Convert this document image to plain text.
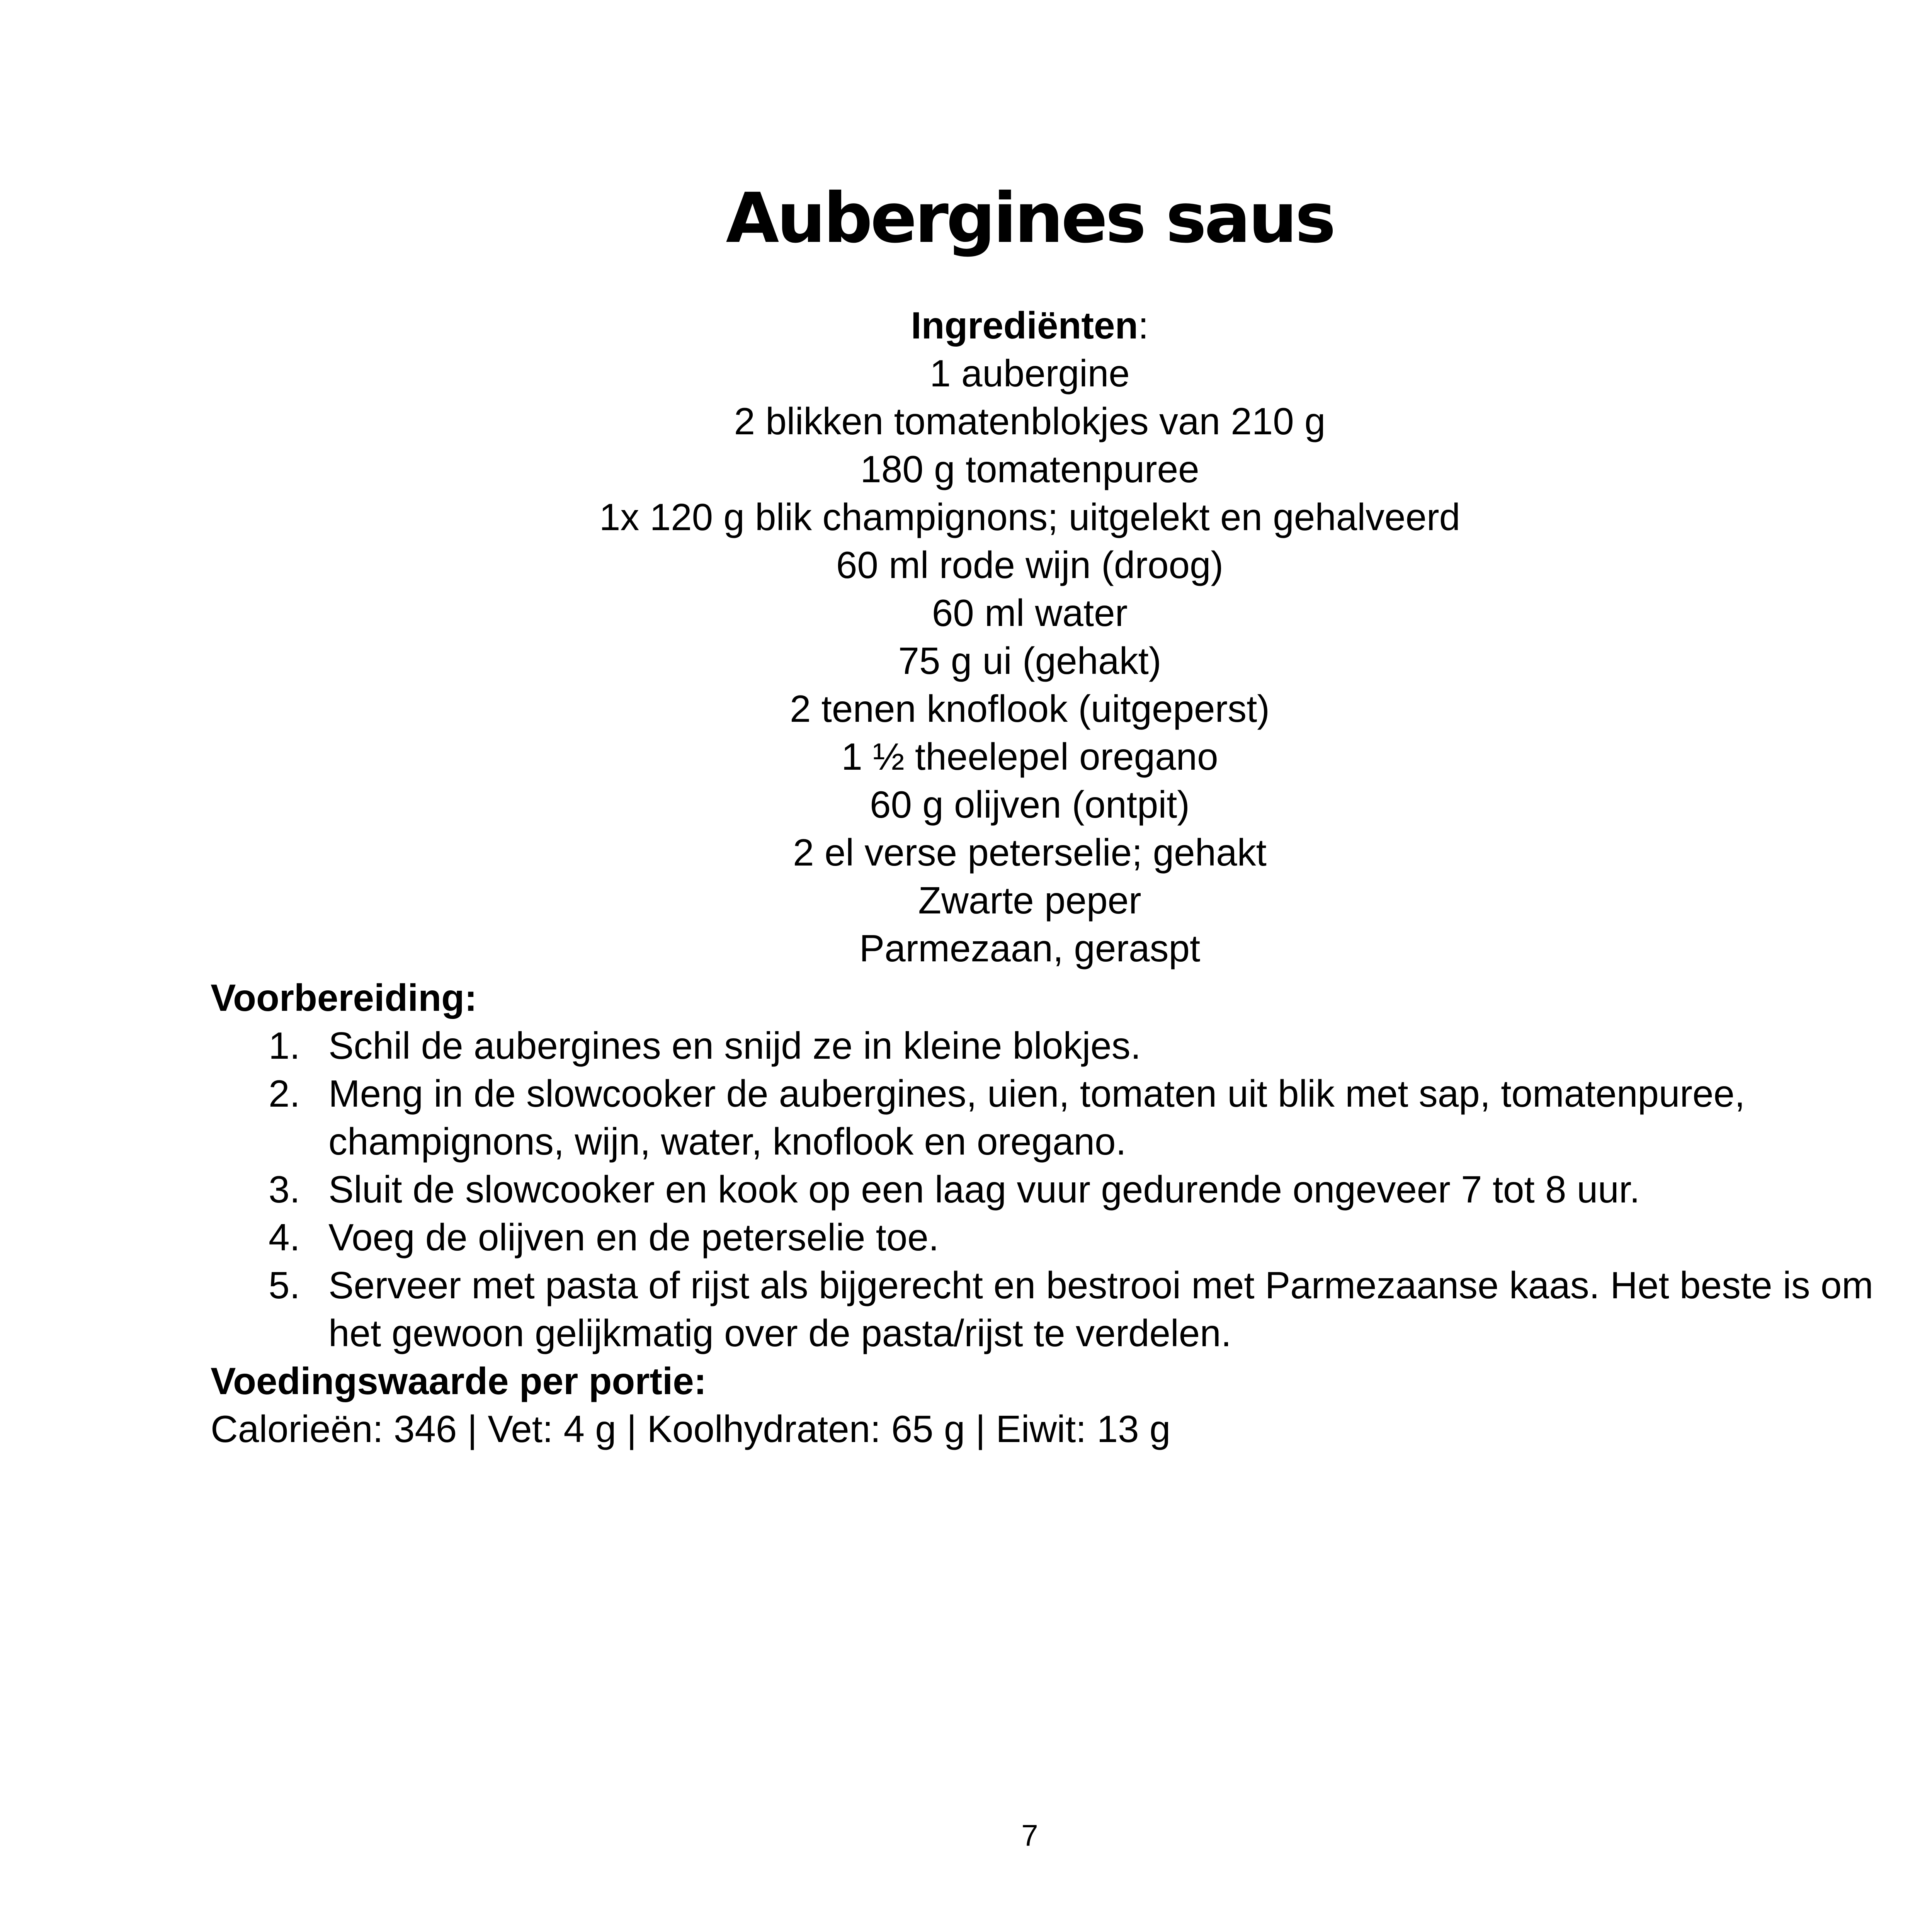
Aubergines saus
Ingrediënten:
1 aubergine
2 blikken tomatenblokjes van 210 g
180 g tomatenpuree
1x 120 g blik champignons; uitgelekt en gehalveerd
60 ml rode wijn (droog)
60 ml water
75 g ui (gehakt)
2 tenen knoflook (uitgeperst)
1 ½ theelepel oregano
60 g olijven (ontpit)
2 el verse peterselie; gehakt
Zwarte peper
Parmezaan, geraspt
Voorbereiding:
1. Schil de aubergines en snijd ze in kleine blokjes.
2. Meng in de slowcooker de aubergines, uien, tomaten uit blik met sap, tomatenpuree, champignons, wijn, water, knoflook en oregano.
3. Sluit de slowcooker en kook op een laag vuur gedurende ongeveer 7 tot 8 uur.
4. Voeg de olijven en de peterselie toe.
5. Serveer met pasta of rijst als bijgerecht en bestrooi met Parmezaanse kaas. Het beste is om het gewoon gelijkmatig over de pasta/rijst te verdelen.
Voedingswaarde per portie:
Calorieën: 346 | Vet: 4 g | Koolhydraten: 65 g | Eiwit: 13 g
7
